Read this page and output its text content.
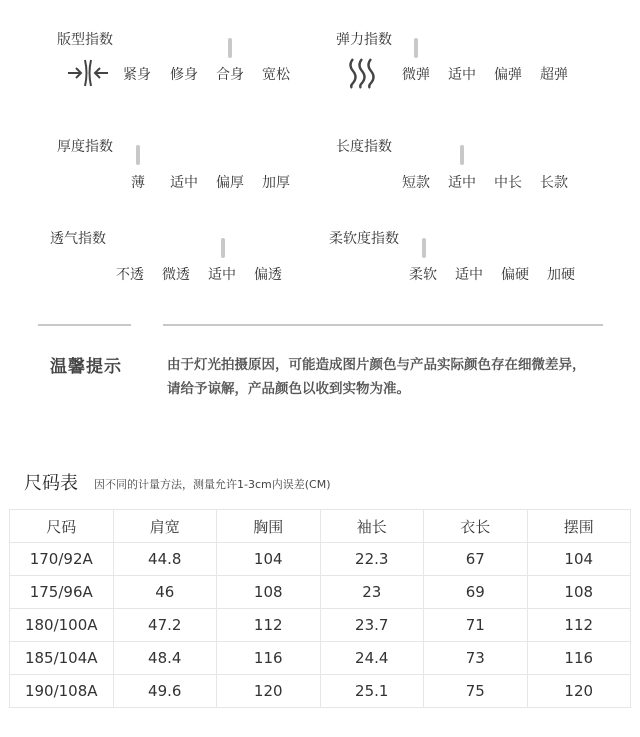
版型指数
紧身 修身 合身 宽松
弹力指数
微弹 适中 偏弹 超弹
厚度指数
薄 适中 偏厚 加厚
长度指数
短款 适中 中长 长款
透气指数
不透 微透 适中 偏透
柔软度指数
柔软 适中 偏硬 加硬
温馨提示	由于灯光拍摄原因，可能造成图片颜色与产品实际颜色存在细微差异，请给予谅解，产品颜色以收到实物为准。
尺码表 因不同的计量方法，测量允许1-3cm内误差(CM)
尺码	肩宽	胸围	袖长	衣长	摆围
170/92A	44.8	104	22.3	67	104
175/96A	46	108	23	69	108
180/100A	47.2	112	23.7	71	112
185/104A	48.4	116	24.4	73	116
190/108A	49.6	120	25.1	75	120
